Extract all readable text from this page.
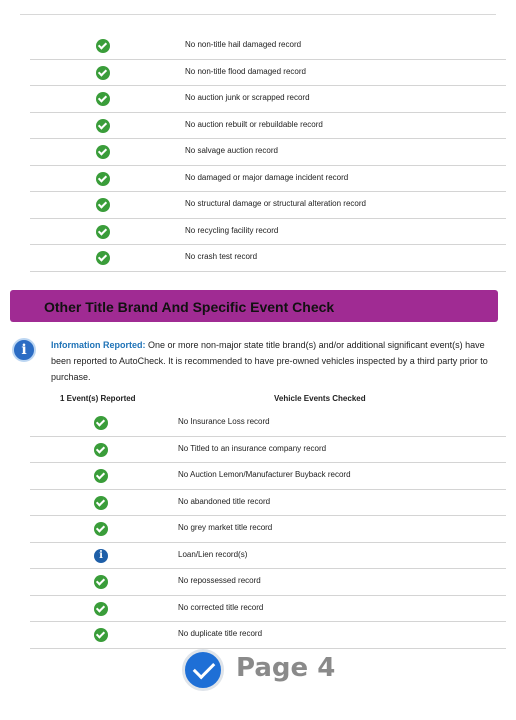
No non-title hail damaged record
No non-title flood damaged record
No auction junk or scrapped record
No auction rebuilt or rebuildable record
No salvage auction record
No damaged or major damage incident record
No structural damage or structural alteration record
No recycling facility record
No crash test record
Other Title Brand And Specific Event Check
i
Information Reported: One or more non-major state title brand(s) and/or additional significant event(s) have been reported to AutoCheck. It is recommended to have pre-owned vehicles inspected by a third party prior to purchase.
1 Event(s) Reported	Vehicle Events Checked
No Insurance Loss record
No Titled to an insurance company record
No Auction Lemon/Manufacturer Buyback record
No abandoned title record
No grey market title record
i
Loan/Lien record(s)
No repossessed record
No corrected title record
No duplicate title record
Page 4
